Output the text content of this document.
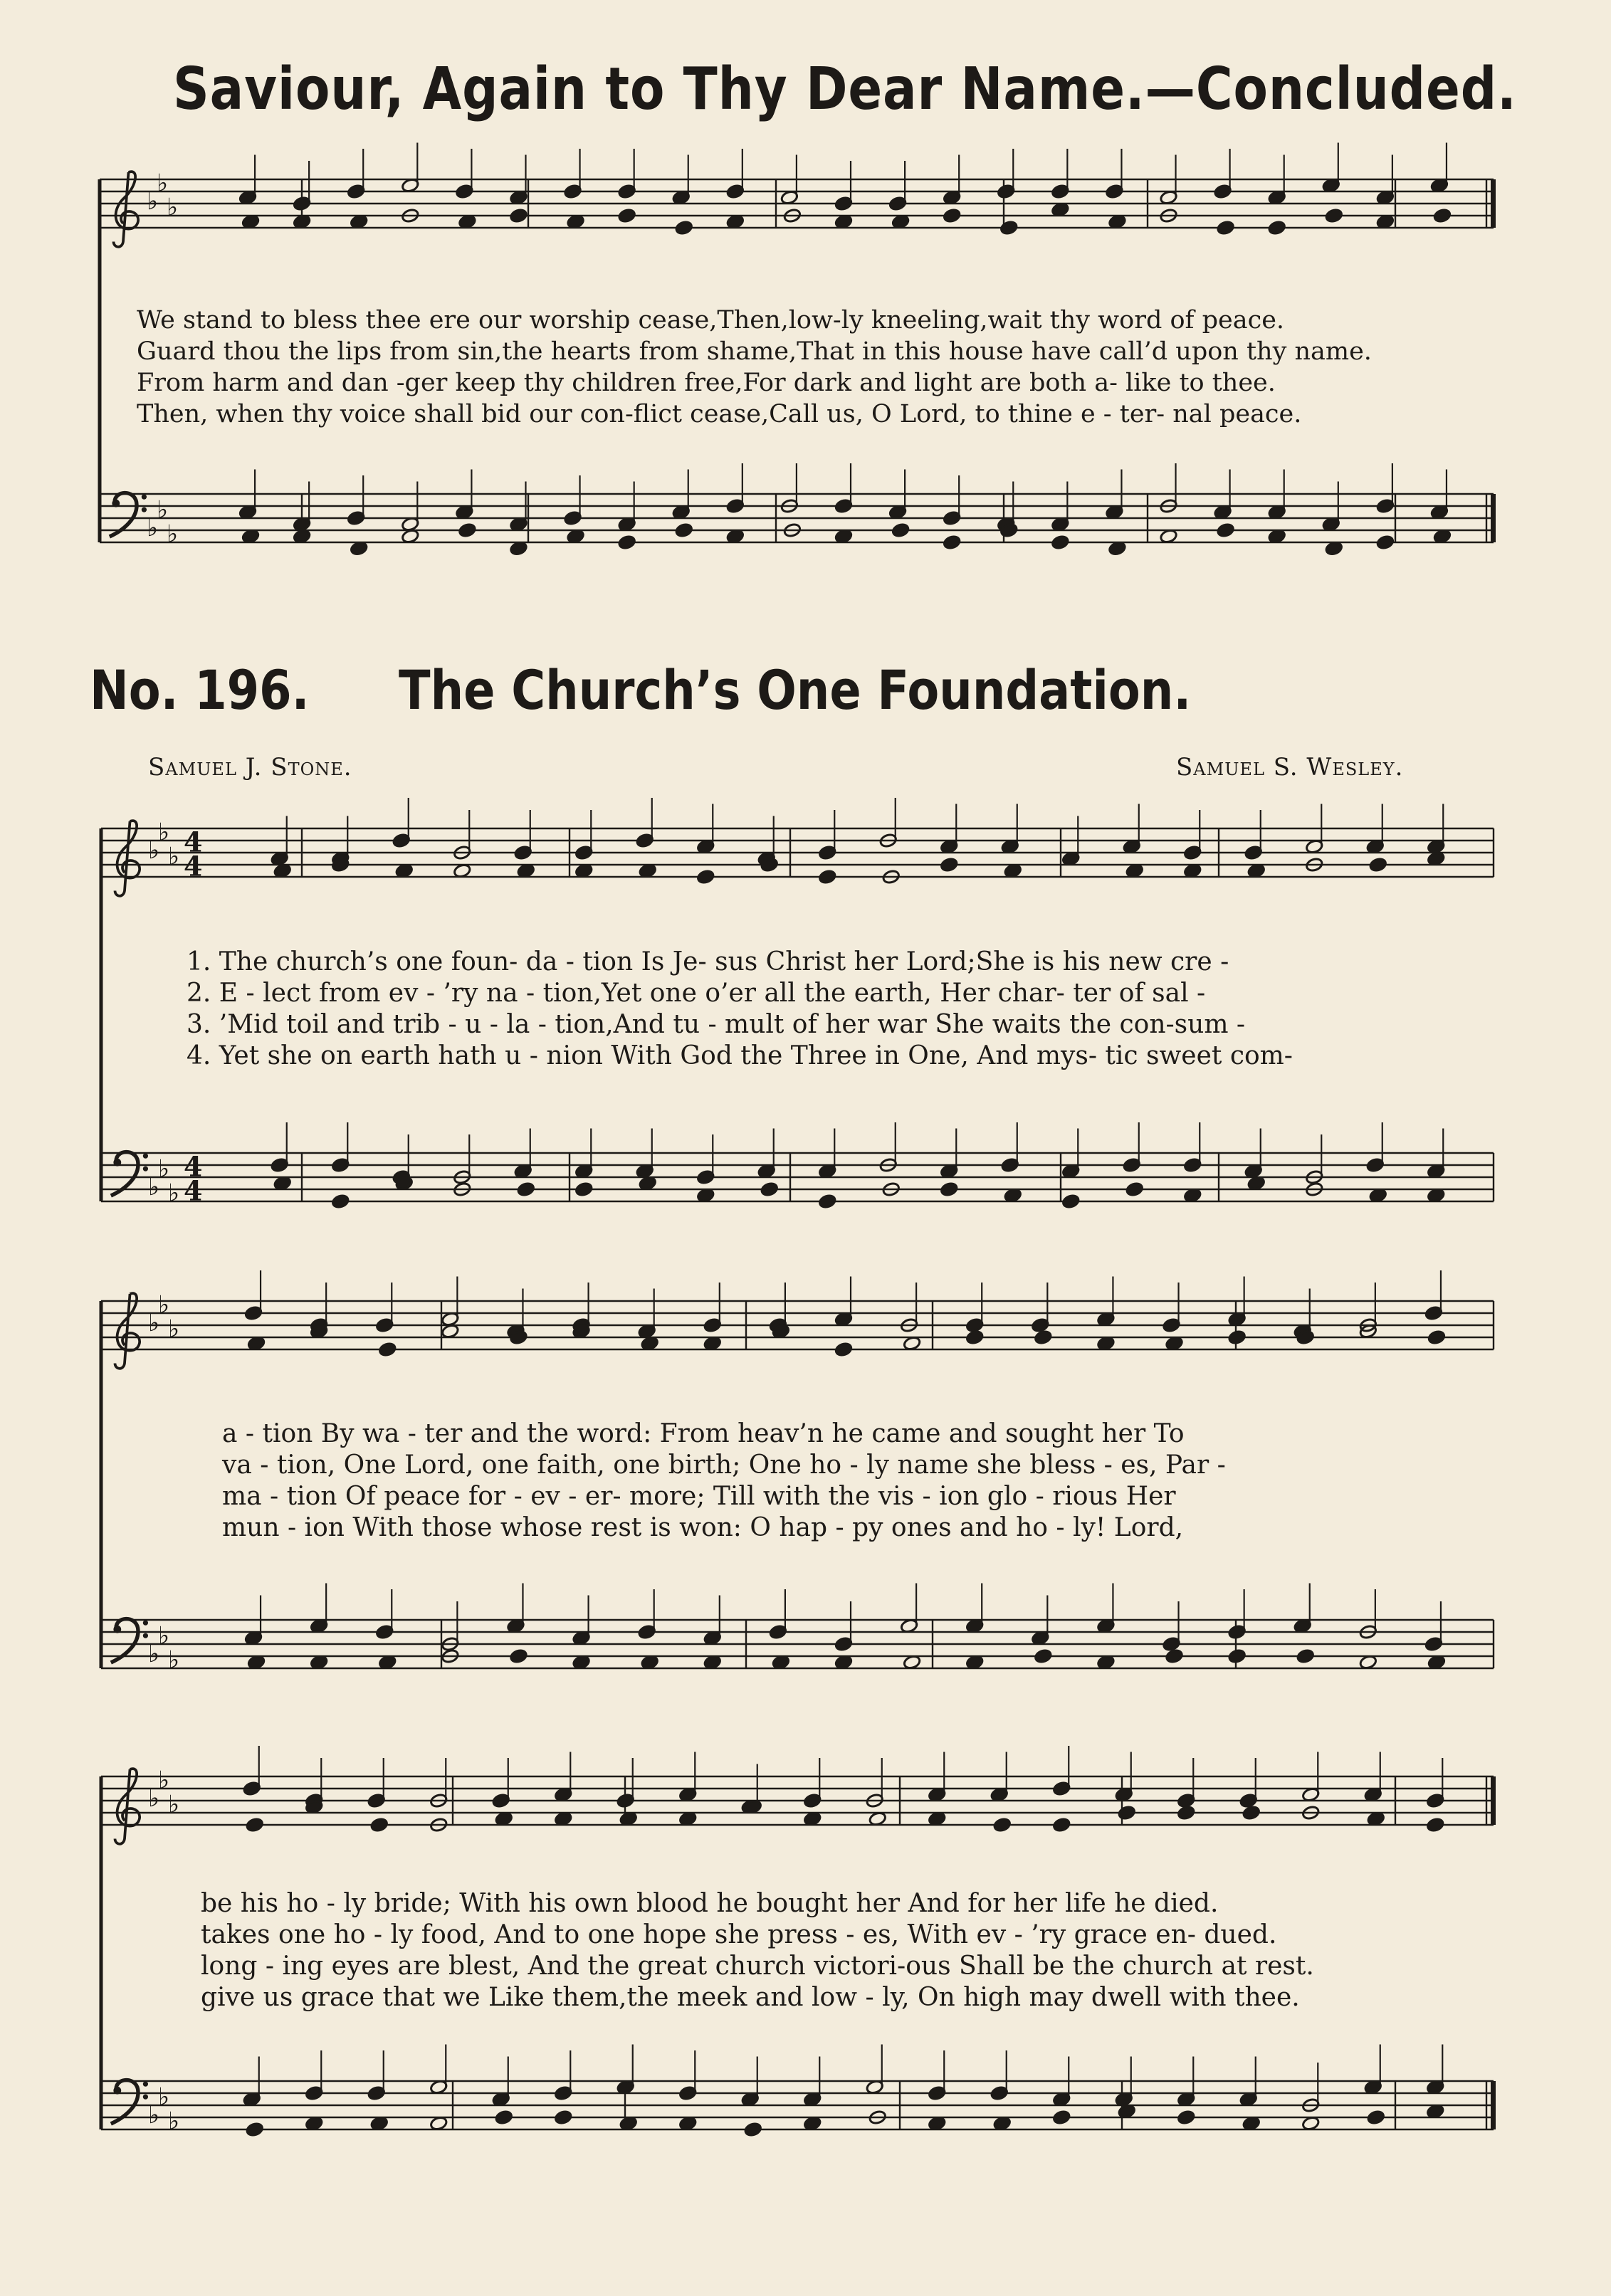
Saviour, Again to Thy Dear Name.—Concluded.
No. 196. The Church’s One Foundation.
Samuel J. Stone.	Samuel S. Wesley.
We stand to bless thee ere our worship cease,Then,low-ly kneeling,wait thy word of peace.
Guard thou the lips from sin,the hearts from shame,That in this house have call’d upon thy name.
From harm and dan -ger keep thy children free,For dark and light are both a- like to thee.
Then, when thy voice shall bid our con-flict cease,Call us, O Lord, to thine e - ter- nal peace.
1. The church’s one foun- da - tion Is Je- sus Christ her Lord;She is his new cre -
2. E - lect from ev - ’ry na - tion,Yet one o’er all the earth, Her char- ter of sal -
3. ’Mid toil and trib - u - la - tion,And tu - mult of her war She waits the con-sum -
4. Yet she on earth hath u - nion With God the Three in One, And mys- tic sweet com-
a - tion By wa - ter and the word: From heav’n he came and sought her To
va - tion, One Lord, one faith, one birth; One ho - ly name she bless - es, Par -
ma - tion Of peace for - ev - er- more; Till with the vis - ion glo - rious Her
mun - ion With those whose rest is won: O hap - py ones and ho - ly! Lord,
be his ho - ly bride; With his own blood he bought her And for her life he died.
takes one ho - ly food, And to one hope she press - es, With ev - ’ry grace en- dued.
long - ing eyes are blest, And the great church victori-ous Shall be the church at rest.
give us grace that we Like them,the meek and low - ly, On high may dwell with thee.
♭
♭
♭
♭
♭
♭
♭
♭
♭ 4
4
♭
♭
♭
4
4
♭
♭
♭
♭
♭
♭
♭
♭
♭
♭
♭
♭
